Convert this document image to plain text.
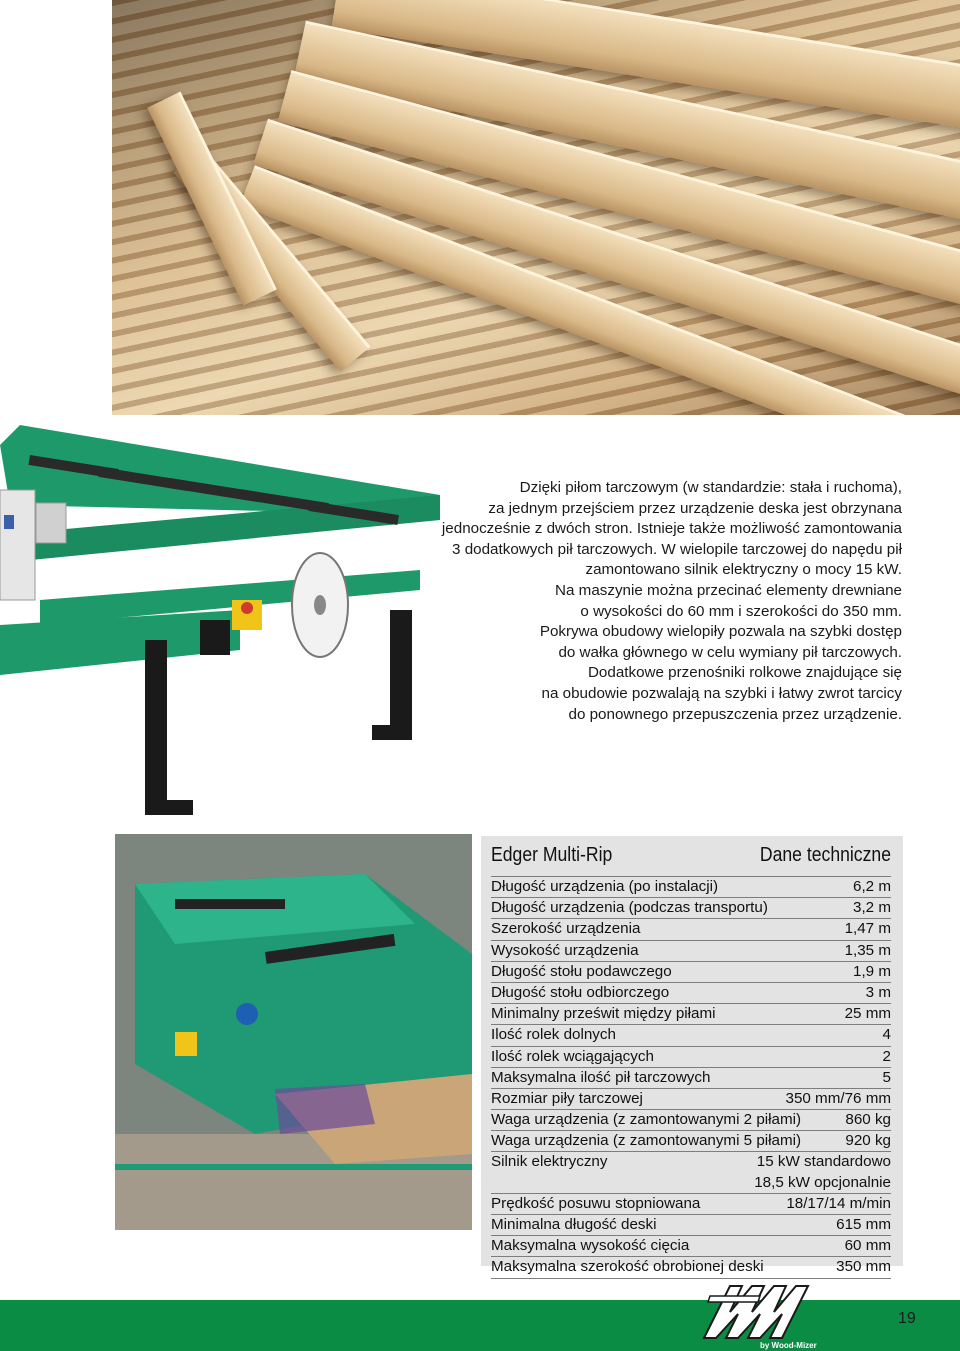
Dzięki piłom tarczowym (w standardzie: stała i ruchoma),

za jednym przejściem przez urządzenie deska jest obrzynana

jednocześnie z dwóch stron. Istnieje także możliwość zamontowania

3 dodatkowych pił tarczowych. W wielopile tarczowej do napędu pił

zamontowano silnik elektryczny o mocy 15 kW.

Na maszynie można przecinać elementy drewniane

o wysokości do 60 mm i szerokości do 350 mm.

Pokrywa obudowy wielopiły pozwala na szybki dostęp

do wałka głównego w celu wymiany pił tarczowych.

Dodatkowe przenośniki rolkowe znajdujące się

na obudowie pozwalają na szybki i łatwy zwrot tarcicy

do ponownego przepuszczenia przez urządzenie.

Edger Multi-Rip	Dane techniczne
Długość urządzenia (po instalacji)	6,2 m
Długość urządzenia (podczas transportu)	3,2 m
Szerokość urządzenia	1,47 m
Wysokość urządzenia	1,35 m
Długość stołu podawczego	1,9 m
Długość stołu odbiorczego	3 m
Minimalny prześwit między piłami	25 mm
Ilość rolek dolnych	4
Ilość rolek wciągających	2
Maksymalna ilość pił tarczowych	5
Rozmiar piły tarczowej	350 mm/76 mm
Waga urządzenia (z zamontowanymi 2 piłami)	860 kg
Waga urządzenia (z zamontowanymi 5 piłami)	920 kg
Silnik elektryczny	15 kW standardowo
18,5 kW opcjonalnie
Prędkość posuwu stopniowana	18/17/14 m/min
Minimalna długość deski	615 mm
Maksymalna wysokość cięcia	60 mm
Maksymalna szerokość obrobionej deski	350 mm
by Wood-Mizer
19
